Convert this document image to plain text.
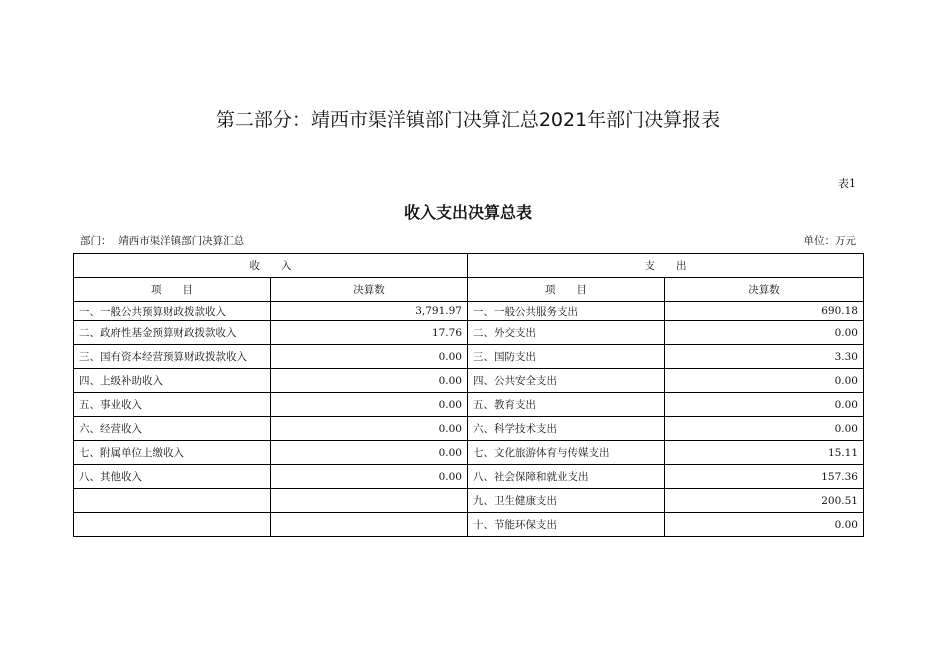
第二部分：靖西市渠洋镇部门决算汇总2021年部门决算报表
表1
收入支出决算总表
部门： 靖西市渠洋镇部门决算汇总	单位：万元
收　　入		支　　出	
项　　目	决算数	项　　目	决算数
一、一般公共预算财政拨款收入	3,791.97	一、一般公共服务支出	690.18
二、政府性基金预算财政拨款收入	17.76	二、外交支出	0.00
三、国有资本经营预算财政拨款收入	0.00	三、国防支出	3.30
四、上级补助收入	0.00	四、公共安全支出	0.00
五、事业收入	0.00	五、教育支出	0.00
六、经营收入	0.00	六、科学技术支出	0.00
七、附属单位上缴收入	0.00	七、文化旅游体育与传媒支出	15.11
八、其他收入	0.00	八、社会保障和就业支出	157.36
		九、卫生健康支出	200.51
		十、节能环保支出	0.00
